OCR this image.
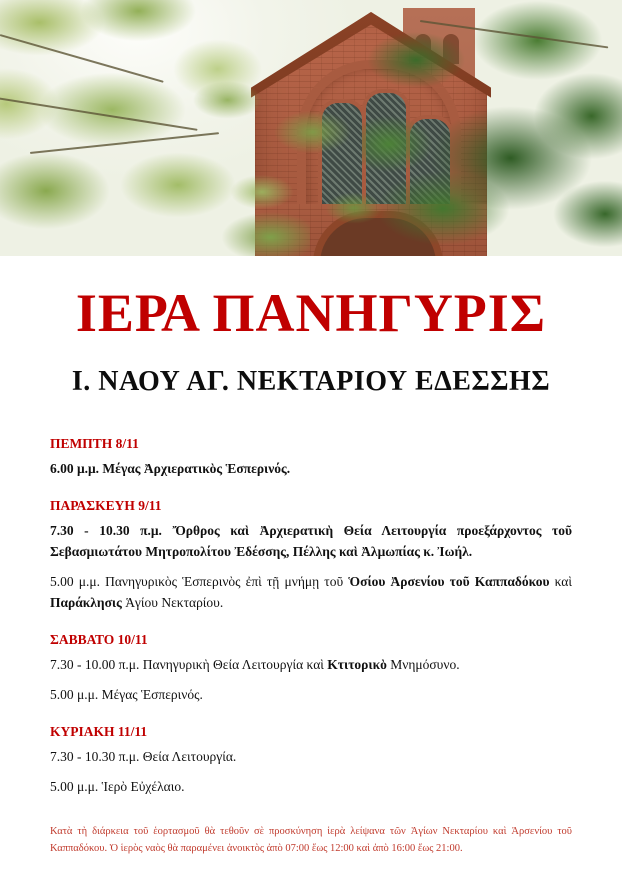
ΙΕΡΑ ΠΑΝΗΓΥΡΙΣ
Ι. ΝΑΟΥ ΑΓ. ΝΕΚΤΑΡΙΟΥ ΕΔΕΣΣΗΣ
ΠΕΜΠΤΗ 8/11
6.00 μ.μ. Μέγας Ἀρχιερατικὸς Ἑσπερινός.
ΠΑΡΑΣΚΕΥΗ 9/11
7.30 - 10.30 π.μ. Ὄρθρος καὶ Ἀρχιερατικὴ Θεία Λειτουργία προεξάρχοντος τοῦ Σεβασμιωτάτου Μητροπολίτου Ἐδέσσης, Πέλλης καὶ Ἀλμωπίας κ. Ἰωήλ.
5.00 μ.μ. Πανηγυρικὸς Ἑσπερινὸς ἐπὶ τῇ μνήμῃ τοῦ Ὁσίου Ἀρσενίου τοῦ Καππαδόκου καὶ Παράκλησις Ἁγίου Νεκταρίου.
ΣΑΒΒΑΤΟ 10/11
7.30 - 10.00 π.μ. Πανηγυρικὴ Θεία Λειτουργία καὶ Κτιτορικὸ Μνημόσυνο.
5.00 μ.μ. Μέγας Ἑσπερινός.
ΚΥΡΙΑΚΗ 11/11
7.30 - 10.30 π.μ. Θεία Λειτουργία.
5.00 μ.μ. Ἱερὸ Εὐχέλαιο.
Κατὰ τὴ διάρκεια τοῦ ἑορτασμοῦ θὰ τεθοῦν σὲ προσκύνηση ἱερὰ λείψανα τῶν Ἁγίων Νεκταρίου καὶ Ἀρσενίου τοῦ Καππαδόκου. Ὁ ἱερὸς ναὸς θὰ παραμένει ἀνοικτὸς ἀπὸ 07:00 ἕως 12:00 καὶ ἀπὸ 16:00 ἕως 21:00.
